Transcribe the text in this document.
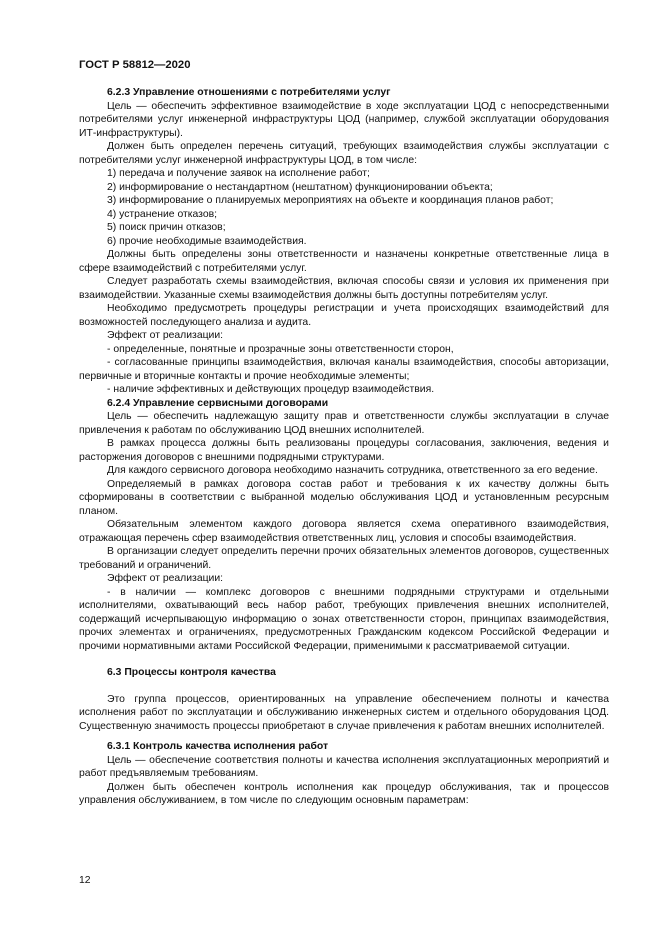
ГОСТ Р 58812—2020

6.2.3 Управление отношениями с потребителями услуг

Цель — обеспечить эффективное взаимодействие в ходе эксплуатации ЦОД с непосредственными потребителями услуг инженерной инфраструктуры ЦОД (например, службой эксплуатации оборудования ИТ-инфраструктуры).

Должен быть определен перечень ситуаций, требующих взаимодействия службы эксплуатации с потребителями услуг инженерной инфраструктуры ЦОД, в том числе:

1) передача и получение заявок на исполнение работ;

2) информирование о нестандартном (нештатном) функционировании объекта;

3) информирование о планируемых мероприятиях на объекте и координация планов работ;

4) устранение отказов;

5) поиск причин отказов;

6) прочие необходимые взаимодействия.

Должны быть определены зоны ответственности и назначены конкретные ответственные лица в сфере взаимодействий с потребителями услуг.

Следует разработать схемы взаимодействия, включая способы связи и условия их применения при взаимодействии. Указанные схемы взаимодействия должны быть доступны потребителям услуг.

Необходимо предусмотреть процедуры регистрации и учета происходящих взаимодействий для возможностей последующего анализа и аудита.

Эффект от реализации:

- определенные, понятные и прозрачные зоны ответственности сторон,

- согласованные принципы взаимодействия, включая каналы взаимодействия, способы авторизации, первичные и вторичные контакты и прочие необходимые элементы;

- наличие эффективных и действующих процедур взаимодействия.

6.2.4 Управление сервисными договорами

Цель — обеспечить надлежащую защиту прав и ответственности службы эксплуатации в случае привлечения к работам по обслуживанию ЦОД внешних исполнителей.

В рамках процесса должны быть реализованы процедуры согласования, заключения, ведения и расторжения договоров с внешними подрядными структурами.

Для каждого сервисного договора необходимо назначить сотрудника, ответственного за его ведение.

Определяемый в рамках договора состав работ и требования к их качеству должны быть сформированы в соответствии с выбранной моделью обслуживания ЦОД и установленным ресурсным планом.

Обязательным элементом каждого договора является схема оперативного взаимодействия, отражающая перечень сфер взаимодействия ответственных лиц, условия и способы взаимодействия.

В организации следует определить перечни прочих обязательных элементов договоров, существенных требований и ограничений.

Эффект от реализации:

- в наличии — комплекс договоров с внешними подрядными структурами и отдельными исполнителями, охватывающий весь набор работ, требующих привлечения внешних исполнителей, содержащий исчерпывающую информацию о зонах ответственности сторон, принципах взаимодействия, прочих элементах и ограничениях, предусмотренных Гражданским кодексом Российской Федерации и прочими нормативными актами Российской Федерации, применимыми к рассматриваемой ситуации.

6.3 Процессы контроля качества

Это группа процессов, ориентированных на управление обеспечением полноты и качества исполнения работ по эксплуатации и обслуживанию инженерных систем и отдельного оборудования ЦОД. Существенную значимость процессы приобретают в случае привлечения к работам внешних исполнителей.

6.3.1 Контроль качества исполнения работ

Цель — обеспечение соответствия полноты и качества исполнения эксплуатационных мероприятий и работ предъявляемым требованиям.

Должен быть обеспечен контроль исполнения как процедур обслуживания, так и процессов управления обслуживанием, в том числе по следующим основным параметрам:

12
